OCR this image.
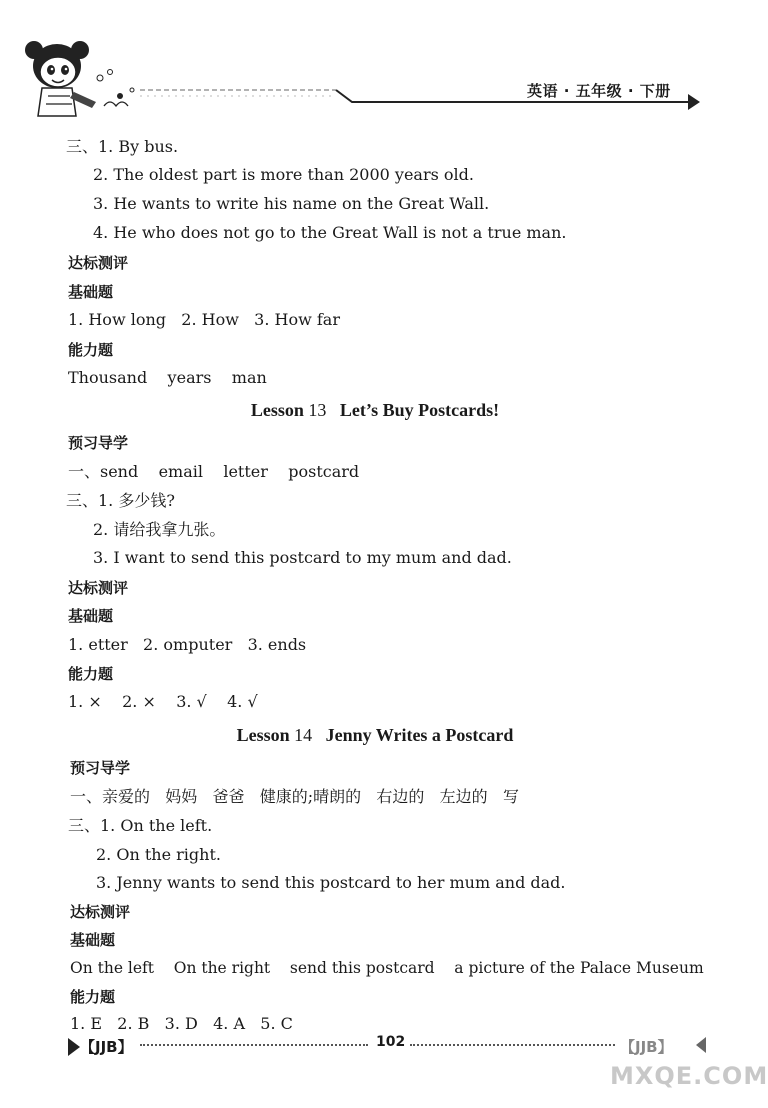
英语 · 五年级 · 下册
三、1. By bus.
2. The oldest part is more than 2000 years old.
3. He wants to write his name on the Great Wall.
4. He who does not go to the Great Wall is not a true man.
达标测评
基础题
1. How long   2. How   3. How far
能力题
Thousand    years    man
Lesson 13 Let’s Buy Postcards!
预习导学
一、send    email    letter    postcard
三、1. 多少钱?
2. 请给我拿九张。
3. I want to send this postcard to my mum and dad.
达标测评
基础题
1. etter   2. omputer   3. ends
能力题
1. ×    2. ×    3. √    4. √
Lesson 14 Jenny Writes a Postcard
预习导学
一、亲爱的   妈妈   爸爸   健康的;晴朗的   右边的   左边的   写
三、1. On the left.
2. On the right.
3. Jenny wants to send this postcard to her mum and dad.
达标测评
基础题
On the left    On the right    send this postcard    a picture of the Palace Museum
能力题
1. E   2. B   3. D   4. A   5. C
【JJB】	102	【JJB】
MXQE.COM
